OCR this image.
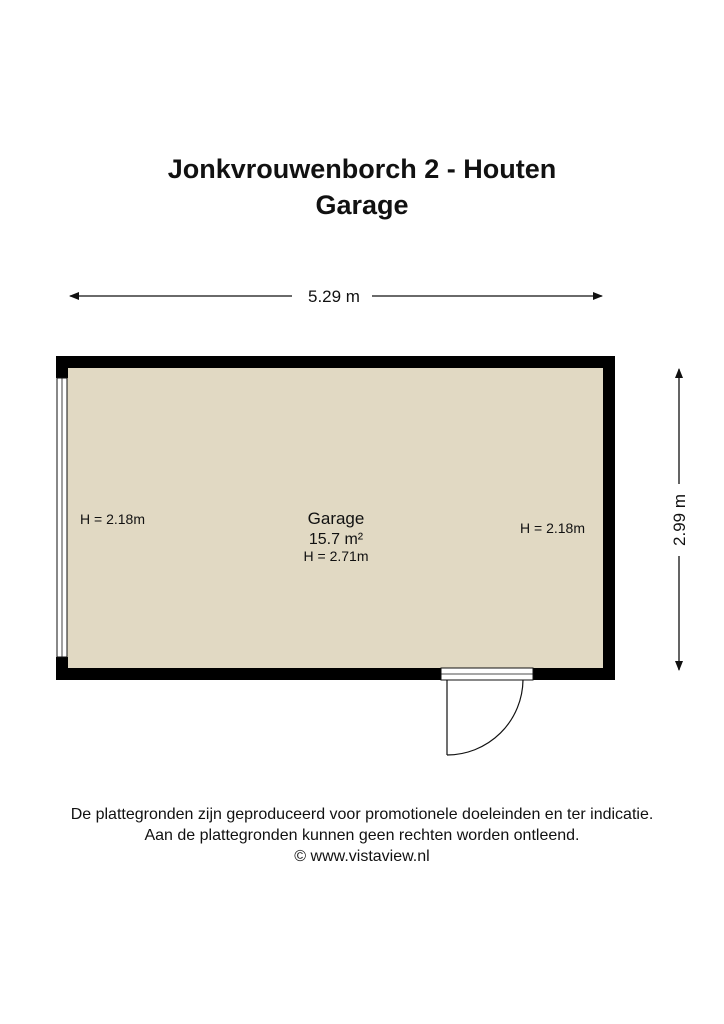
Jonkvrouwenborch 2 - Houten
Garage
5.29 m
2.99 m
Garage
15.7 m²
H = 2.71m
H = 2.18m
H = 2.18m
De plattegronden zijn geproduceerd voor promotionele doeleinden en ter indicatie.
Aan de plattegronden kunnen geen rechten worden ontleend.
© www.vistaview.nl
